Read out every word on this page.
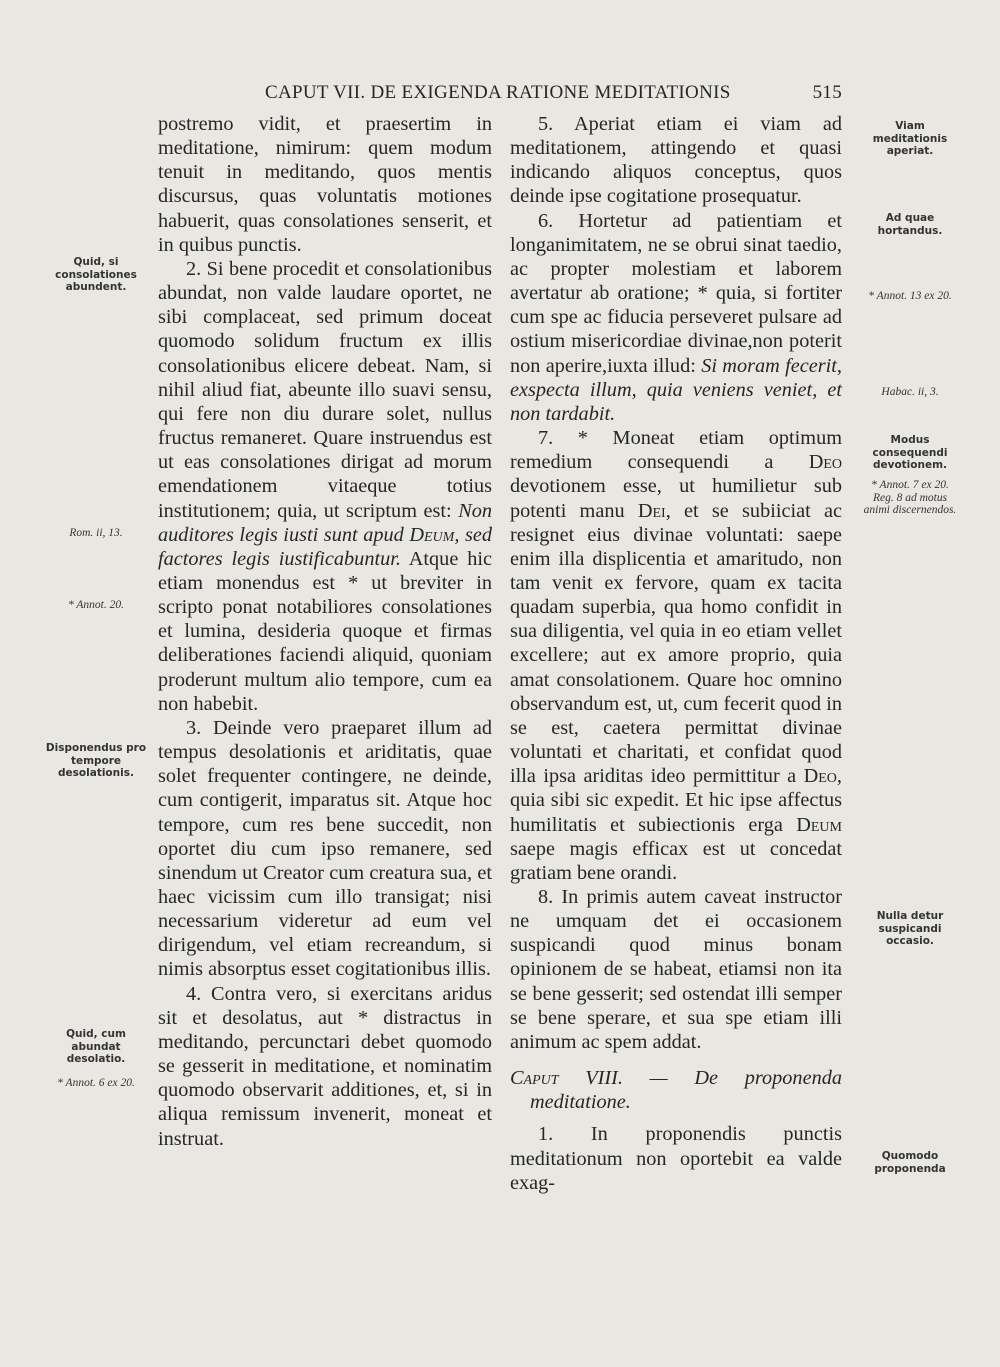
CAPUT VII. DE EXIGENDA RATIONE MEDITATIONIS	515

postremo vidit, et praesertim in meditatione, nimirum: quem modum tenuit in meditando, quos mentis discursus, quas voluntatis motiones habuerit, quas consolationes senserit, et in quibus punctis.

2. Si bene procedit et consolationibus abundat, non valde laudare oportet, ne sibi complaceat, sed primum doceat quomodo solidum fructum ex illis consolationibus elicere debeat. Nam, si nihil aliud fiat, abeunte illo suavi sensu, qui fere non diu durare solet, nullus fructus remaneret. Quare instruendus est ut eas consolationes dirigat ad morum emendationem vitaeque totius institutionem; quia, ut scriptum est: Non auditores legis iusti sunt apud Deum, sed factores legis iustificabuntur. Atque hic etiam monendus est * ut breviter in scripto ponat notabiliores consolationes et lumina, desideria quoque et firmas deliberationes faciendi aliquid, quoniam proderunt multum alio tempore, cum ea non habebit.

3. Deinde vero praeparet illum ad tempus desolationis et ariditatis, quae solet frequenter contingere, ne deinde, cum contigerit, imparatus sit. Atque hoc tempore, cum res bene succedit, non oportet diu cum ipso remanere, sed sinendum ut Creator cum creatura sua, et haec vicissim cum illo transigat; nisi necessarium videretur ad eum vel dirigendum, vel etiam recreandum, si nimis absorptus esset cogitationibus illis.

4. Contra vero, si exercitans aridus sit et desolatus, aut * distractus in meditando, percunctari debet quomodo se gesserit in meditatione, et nominatim quomodo observarit additiones, et, si in aliqua remissum invenerit, moneat et instruat.

5. Aperiat etiam ei viam ad meditationem, attingendo et quasi indicando aliquos conceptus, quos deinde ipse cogitatione prosequatur.

6. Hortetur ad patientiam et longanimitatem, ne se obrui sinat taedio, ac propter molestiam et laborem avertatur ab oratione; * quia, si fortiter cum spe ac fiducia perseveret pulsare ad ostium misericordiae divinae,non poterit non aperire,iuxta illud: Si moram fecerit, exspecta illum, quia veniens veniet, et non tardabit.

7. * Moneat etiam optimum remedium consequendi a Deo devotionem esse, ut humilietur sub potenti manu Dei, et se subiiciat ac resignet eius divinae voluntati: saepe enim illa displicentia et amaritudo, non tam venit ex fervore, quam ex tacita quadam superbia, qua homo confidit in sua diligentia, vel quia in eo etiam vellet excellere; aut ex amore proprio, quia amat consolationem. Quare hoc omnino observandum est, ut, cum fecerit quod in se est, caetera permittat divinae voluntati et charitati, et confidat quod illa ipsa ariditas ideo permittitur a Deo, quia sibi sic expedit. Et hic ipse affectus humilitatis et subiectionis erga Deum saepe magis efficax est ut concedat gratiam bene orandi.

8. In primis autem caveat instructor ne umquam det ei occasionem suspicandi quod minus bonam opinionem de se habeat, etiamsi non ita se bene gesserit; sed ostendat illi semper se bene sperare, et sua spe etiam illi animum ac spem addat.

Caput VIII. — De proponenda meditatione.

1. In proponendis punctis meditationum non oportebit ea valde exag-

Quid, si consolationes abundent.
Rom. ii, 13.
* Annot. 20.
Disponendus pro tempore desolationis.
Quid, cum abundat desolatio.
* Annot. 6 ex 20.
Viam meditationis aperiat.
Ad quae hortandus.
* Annot. 13 ex 20.
Habac. ii, 3.
Modus consequendi devotionem.
* Annot. 7 ex 20. Reg. 8 ad motus animi discernendos.
Nulla detur suspicandi occasio.
Quomodo proponenda
